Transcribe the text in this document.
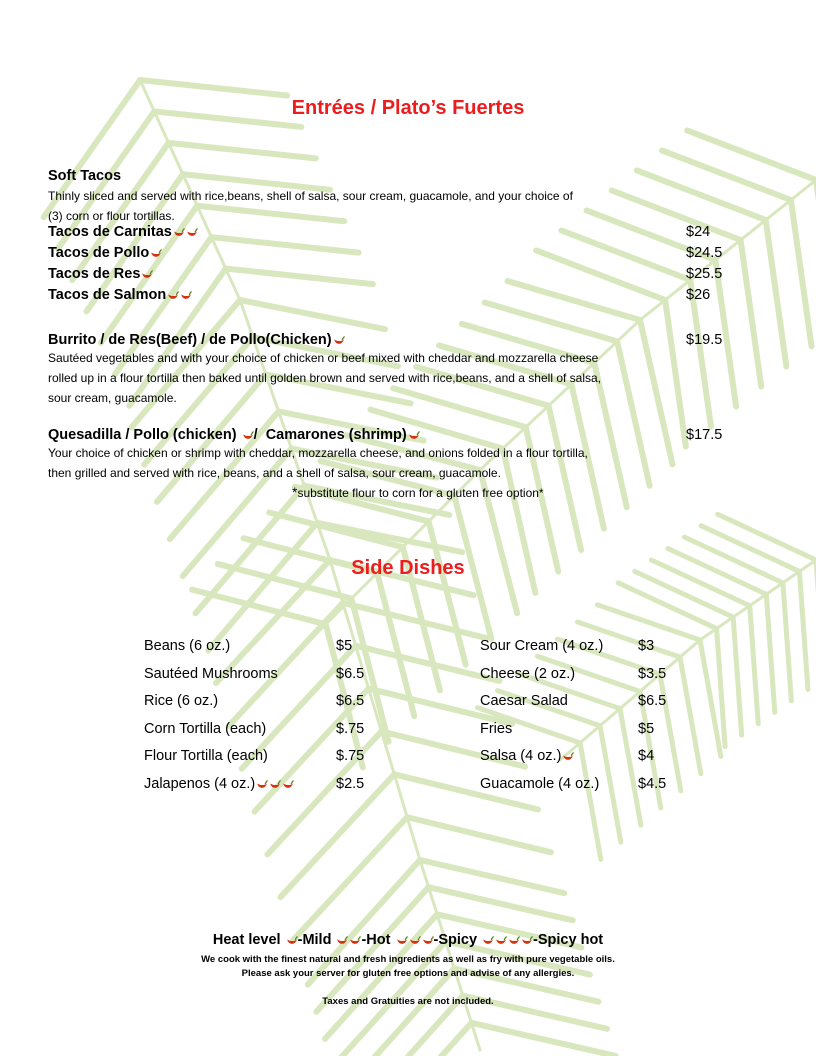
Entrées / Plato’s Fuertes
Soft Tacos
Thinly sliced and served with rice,beans, shell of salsa, sour cream, guacamole, and your choice of
(3) corn or flour tortillas.
Tacos de Carnitas	$24
Tacos de Pollo	$24.5
Tacos de Res	$25.5
Tacos de Salmon	$26
Burrito / de Res(Beef) / de Pollo(Chicken)	$19.5
Sautéed vegetables and with your choice of chicken or beef mixed with cheddar and mozzarella cheese
rolled up in a flour tortilla then baked until golden brown and served with rice,beans, and a shell of salsa,
sour cream, guacamole.
Quesadilla / Pollo (chicken) / Camarones (shrimp)	$17.5
Your choice of chicken or shrimp with cheddar, mozzarella cheese, and onions folded in a flour tortilla,
then grilled and served with rice, beans, and a shell of salsa, sour cream, guacamole.
*substitute flour to corn for a gluten free option*
Side Dishes
Beans (6 oz.)	$5
Sautéed Mushrooms	$6.5
Rice (6 oz.)	$6.5
Corn Tortilla (each)	$.75
Flour Tortilla (each)	$.75
Jalapenos (4 oz.)	$2.5
Sour Cream (4 oz.) $3
Cheese (2 oz.)	$3.5
Caesar Salad	$6.5
Fries	$5
Salsa (4 oz.)	$4
Guacamole (4 oz.)	$4.5
Heat level -Mild -Hot	-Spicy	-Spicy hot
We cook with the finest natural and fresh ingredients as well as fry with pure vegetable oils.
Please ask your server for gluten free options and advise of any allergies.
Taxes and Gratuities are not included.
